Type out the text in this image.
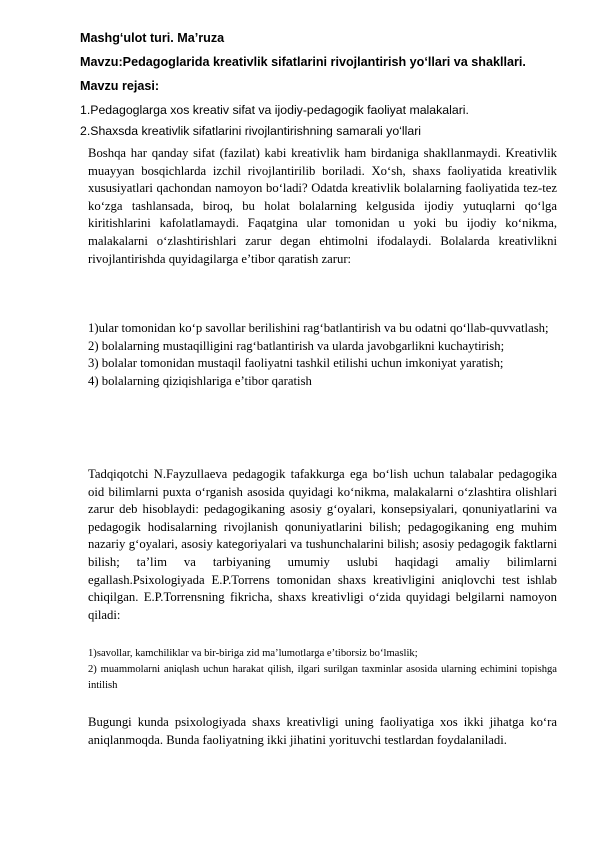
Mashg‘ulot turi. Ma’ruza
Mavzu:Pedagoglarida kreativlik sifatlarini rivojlantirish yo‘llari va shakllari.
Mavzu rejasi:
1.Pedagoglarga xos kreativ sifat va ijodiy-pedagogik faoliyat malakalari.
2.Shaxsda kreativlik sifatlarini rivojlantirishning samarali yo‘llari
Boshqa har qanday sifat (fazilat) kabi kreativlik ham birdaniga shakllanmaydi. Kreativlik muayyan bosqichlarda izchil rivojlantirilib boriladi. Xo‘sh, shaxs faoliyatida kreativlik xususiyatlari qachondan namoyon bo‘ladi? Odatda kreativlik bolalarning faoliyatida tez-tez ko‘zga tashlansada, biroq, bu holat bolalarning kelgusida ijodiy yutuqlarni qo‘lga kiritishlarini kafolatlamaydi. Faqatgina ular tomonidan u yoki bu ijodiy ko‘nikma, malakalarni o‘zlashtirishlari zarur degan ehtimolni ifodalaydi. Bolalarda kreativlikni rivojlantirishda quyidagilarga e’tibor qaratish zarur:
1)ular tomonidan ko‘p savollar berilishini rag‘batlantirish va bu odatni qo‘llab-quvvatlash;
2) bolalarning mustaqilligini rag‘batlantirish va ularda javobgarlikni kuchaytirish;
3) bolalar tomonidan mustaqil faoliyatni tashkil etilishi uchun imkoniyat yaratish;
4) bolalarning qiziqishlariga e’tibor qaratish
Tadqiqotchi N.Fayzullaeva pedagogik tafakkurga ega bo‘lish uchun talabalar pedagogika oid bilimlarni puxta o‘rganish asosida quyidagi ko‘nikma, malakalarni o‘zlashtira olishlari zarur deb hisoblaydi: pedagogikaning asosiy g‘oyalari, konsepsiyalari, qonuniyatlarini va pedagogik hodisalarning rivojlanish qonuniyatlarini bilish; pedagogikaning eng muhim nazariy g‘oyalari, asosiy kategoriyalari va tushunchalarini bilish; asosiy pedagogik faktlarni bilish; ta’lim va tarbiyaning umumiy uslubi haqidagi amaliy bilimlarni egallash.Psixologiyada E.P.Torrens tomonidan shaxs kreativligini aniqlovchi test ishlab chiqilgan. E.P.Torrensning fikricha, shaxs kreativligi o‘zida quyidagi belgilarni namoyon qiladi:
1)savollar, kamchiliklar va bir-biriga zid ma’lumotlarga e’tiborsiz bo‘lmaslik;
2) muammolarni aniqlash uchun harakat qilish, ilgari surilgan taxminlar asosida ularning echimini topishga intilish
Bugungi kunda psixologiyada shaxs kreativligi uning faoliyatiga xos ikki jihatga ko‘ra aniqlanmoqda. Bunda faoliyatning ikki jihatini yorituvchi testlardan foydalaniladi.
